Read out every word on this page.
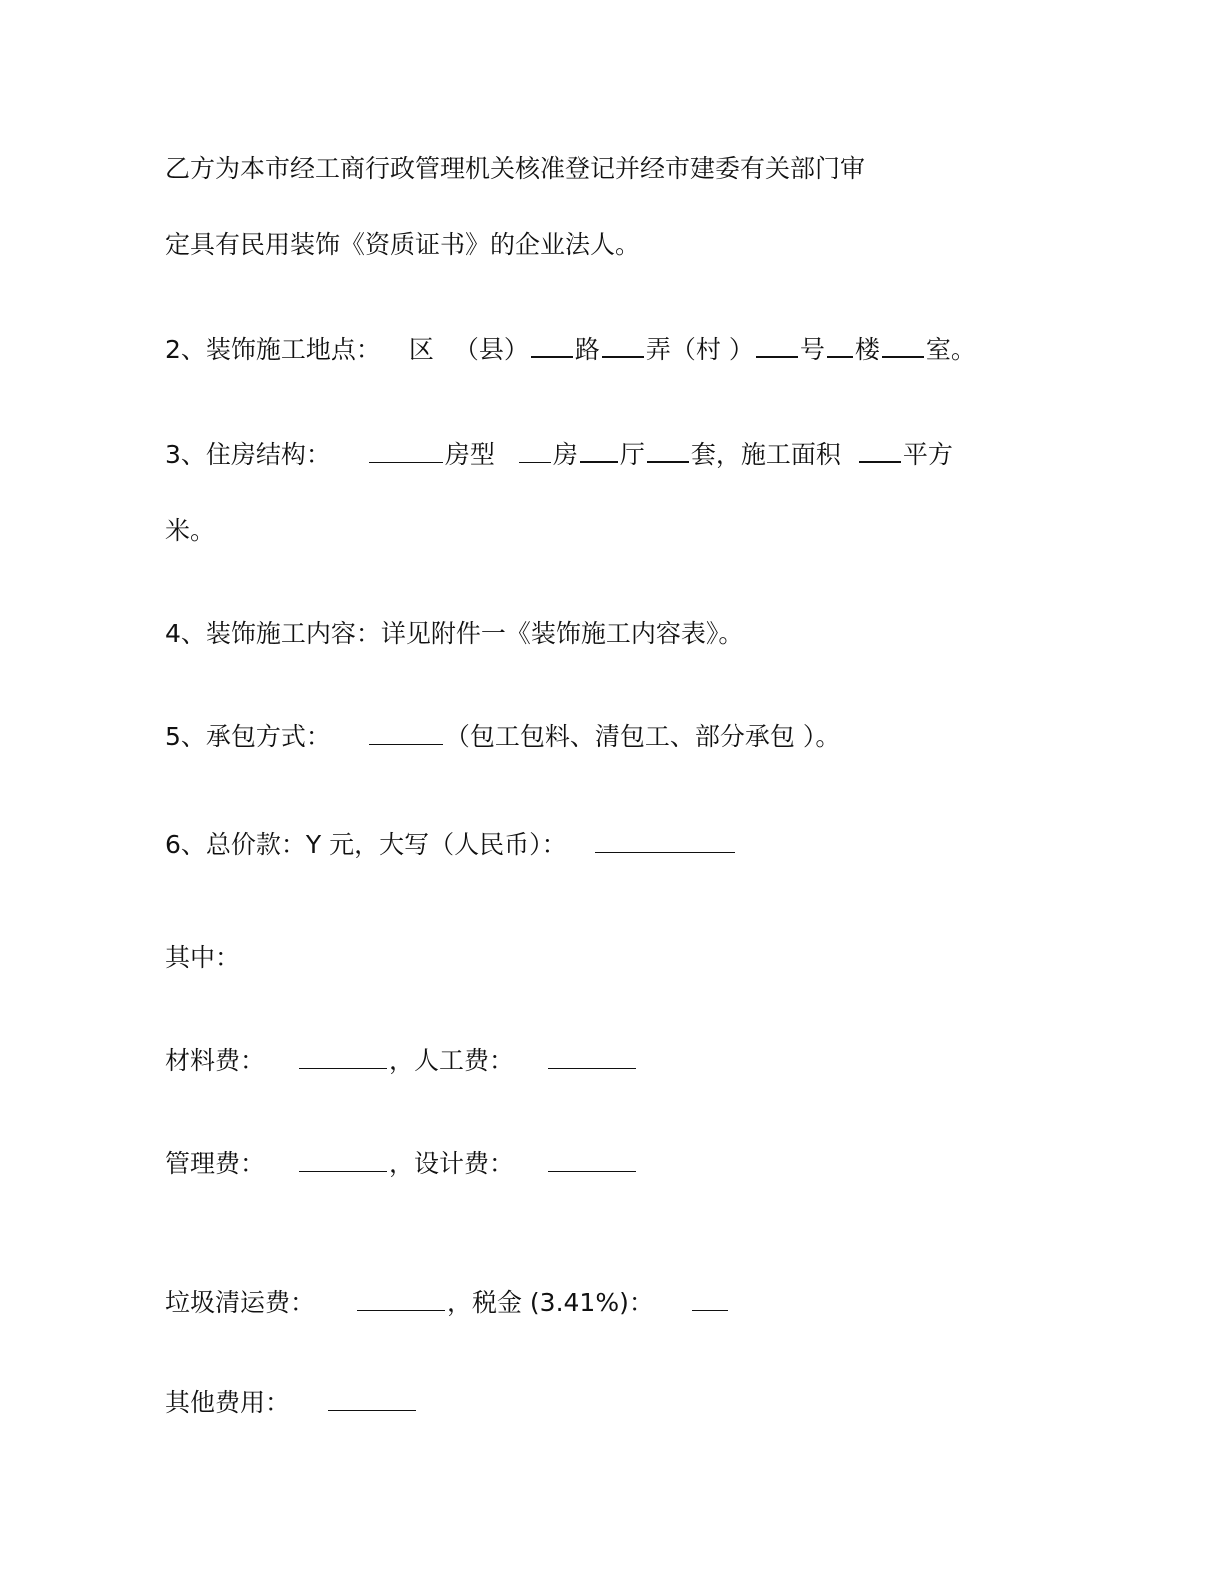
乙方为本市经工商行政管理机关核准登记并经市建委有关部门审
定具有民用装饰《资质证书》的企业法人。
2、装饰施工地点： 区 （县） 路 弄（村 ） 号 楼 室。
3、住房结构：	房型 房 厅 套，施工面积 平方
米。
4、装饰施工内容：详见附件一《装饰施工内容表》。
5、承包方式：	（包工包料、清包工、部分承包 ）。
6、总价款：Y 元，大写（人民币）：
其中：
材料费：	，人工费：
管理费：	，设计费：
垃圾清运费：	，税金 (3.41%)：
其他费用：
